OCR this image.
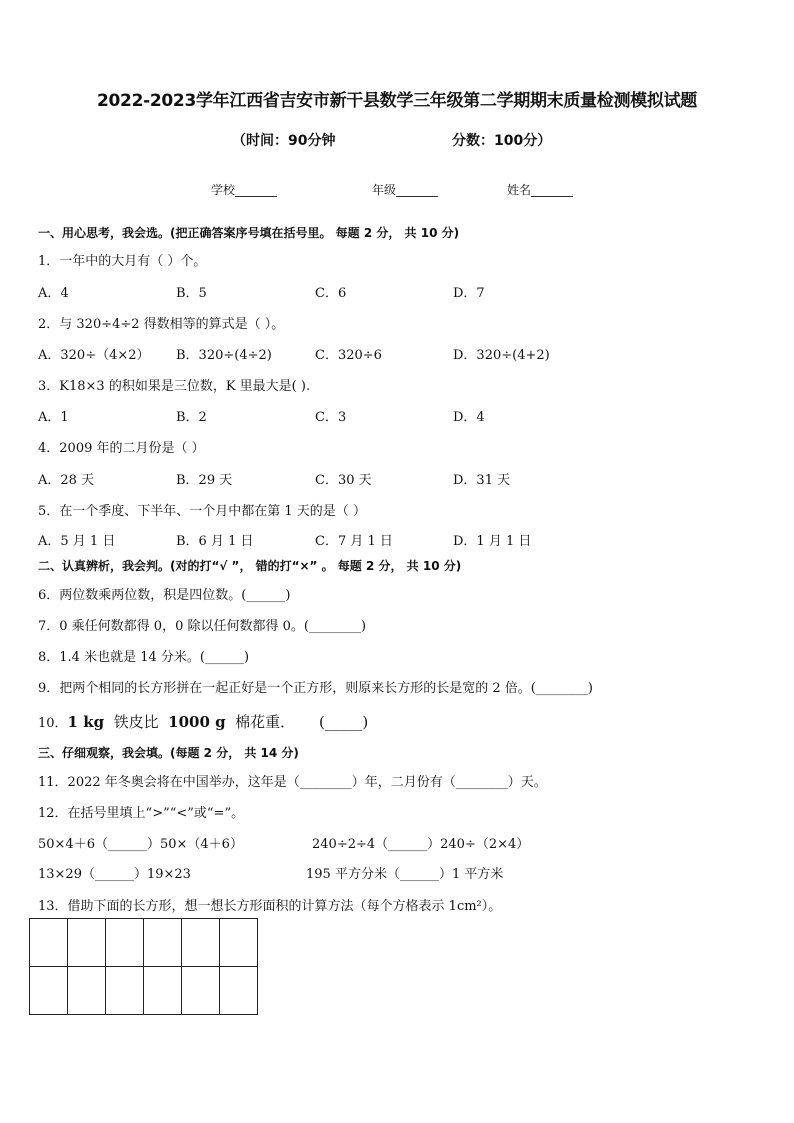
2022-2023学年江西省吉安市新干县数学三年级第二学期期末质量检测模拟试题
（时间：90分钟	分数：100分）
学校_______	年级_______	姓名_______
一、用心思考，我会选。(把正确答案序号填在括号里。 每题 2 分， 共 10 分)
1．一年中的大月有（ ）个。
A．4	B．5	C．6	D．7
2．与 320÷4÷2 得数相等的算式是（ ）。
A．320÷（4×2） B．320÷(4÷2)	C．320÷6	D．320÷(4+2)
3．K18×3 的积如果是三位数，K 里最大是( ).
A．1	B．2	C．3	D．4
4．2009 年的二月份是（ ）
A．28 天	B．29 天	C．30 天	D．31 天
5．在一个季度、下半年、一个月中都在第 1 天的是（ ）
A．5 月 1 日	B．6 月 1 日	C．7 月 1 日	D．1 月 1 日
二、认真辨析，我会判。(对的打“√ ”， 错的打“×” 。 每题 2 分， 共 10 分)
6．两位数乘两位数，积是四位数。(______)
7．0 乘任何数都得 0，0 除以任何数都得 0。(________)
8．1.4 米也就是 14 分米。(______)
9．把两个相同的长方形拼在一起正好是一个正方形，则原来长方形的长是宽的 2 倍。(________)
10．1 kg  铁皮比  1000 g  棉花重．     (_____)
三、仔细观察，我会填。(每题 2 分， 共 14 分)
11．2022 年冬奥会将在中国举办，这年是（________）年，二月份有（________）天。
12．在括号里填上“>”“<”或“=”。
50×4＋6（______）50×（4＋6）	240÷2÷4（______）240÷（2×4）
13×29（______）19×23	195 平方分米（______）1 平方米
13．借助下面的长方形，想一想长方形面积的计算方法（每个方格表示 1cm²）。
